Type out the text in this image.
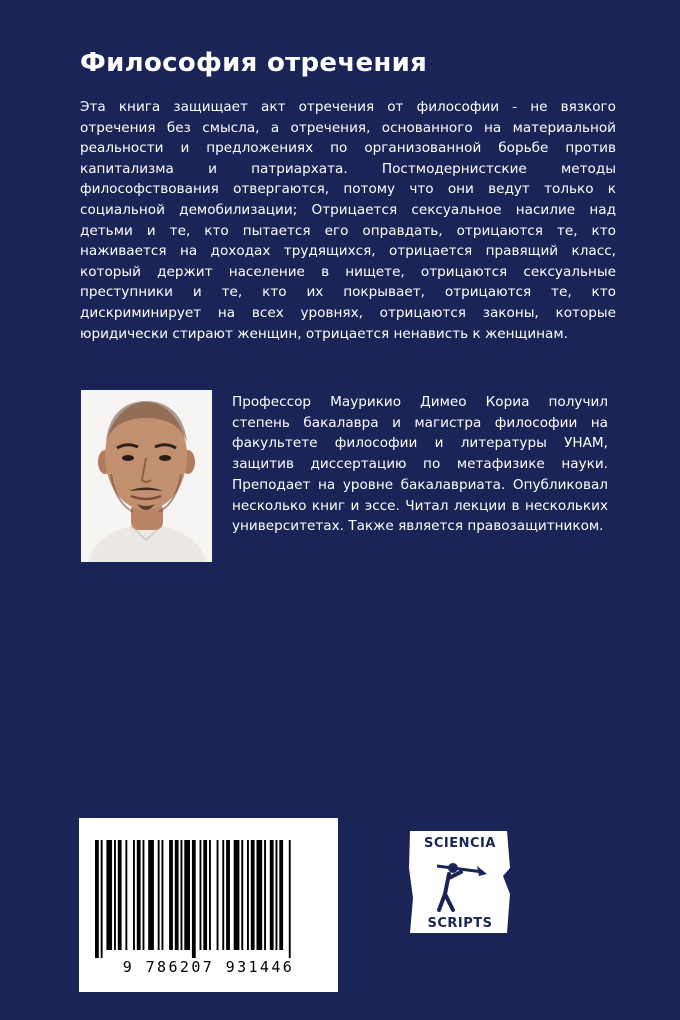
Философия отречения

Эта книга защищает акт отречения от философии - не вязкого отречения без смысла, а отречения, основанного на материальной реальности и предложениях по организованной борьбе против капитализма и патриархата. Постмодернистские методы философствования отвергаются, потому что они ведут только к социальной демобилизации; Отрицается сексуальное насилие над детьми и те, кто пытается его оправдать, отрицаются те, кто наживается на доходах трудящихся, отрицается правящий класс, который держит население в нищете, отрицаются сексуальные преступники и те, кто их покрывает, отрицаются те, кто дискриминирует на всех уровнях, отрицаются законы, которые юридически стирают женщин, отрицается ненависть к женщинам.

Профессор Маурикио Димео Кориа получил степень бакалавра и магистра философии на факультете философии и литературы УНАМ, защитив диссертацию по метафизике науки. Преподает на уровне бакалавриата. Опубликовал несколько книг и эссе. Читал лекции в нескольких университетах. Также является правозащитником.

9 786207 931446
SCIENCIA
SCRIPTS
